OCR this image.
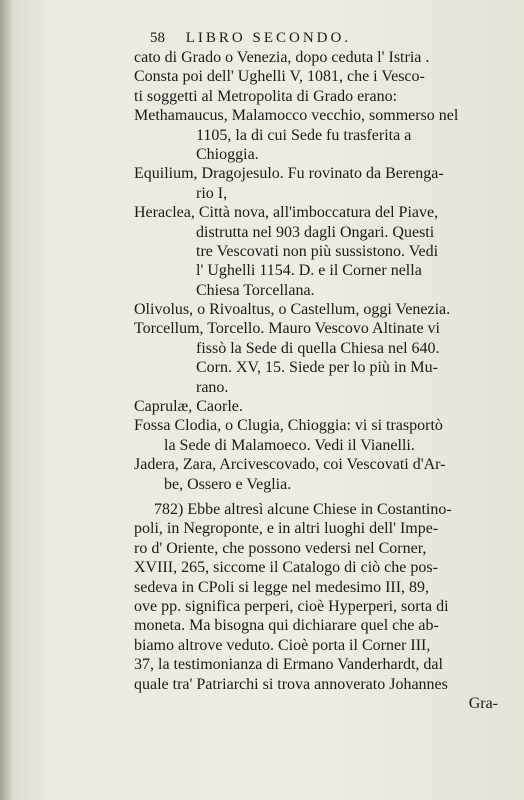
58 LIBRO SECONDO.
cato di Grado o Venezia, dopo ceduta l' Istria .
Consta poi dell' Ughelli V, 1081, che i Vesco-
ti soggetti al Metropolita di Grado erano:
Methamaucus, Malamocco vecchio, sommerso nel
1105, la di cui Sede fu trasferita a
Chioggia.
Equilium, Dragojesulo. Fu rovinato da Berenga-
rio I,
Heraclea, Città nova, all'imboccatura del Piave,
distrutta nel 903 dagli Ongari. Questi
tre Vescovati non più sussistono. Vedi
l' Ughelli 1154. D. e il Corner nella
Chiesa Torcellana.
Olivolus, o Rivoaltus, o Castellum, oggi Venezia.
Torcellum, Torcello. Mauro Vescovo Altinate vi
fissò la Sede di quella Chiesa nel 640.
Corn. XV, 15. Siede per lo più in Mu-
rano.
Caprulæ, Caorle.
Fossa Clodia, o Clugia, Chioggia: vi si trasportò
la Sede di Malamoeco. Vedi il Vianelli.
Jadera, Zara, Arcivescovado, coi Vescovati d'Ar-
be, Ossero e Veglia.
782) Ebbe altresì alcune Chiese in Costantino-
poli, in Negroponte, e in altri luoghi dell' Impe-
ro d' Oriente, che possono vedersi nel Corner,
XVIII, 265, siccome il Catalogo di ciò che pos-
sedeva in CPoli si legge nel medesimo III, 89,
ove pp. significa perperi, cioè Hyperperi, sorta di
moneta. Ma bisogna qui dichiarare quel che ab-
biamo altrove veduto. Cioè porta il Corner III,
37, la testimonianza di Ermano Vanderhardt, dal
quale tra' Patriarchi si trova annoverato Johannes
Gra-
